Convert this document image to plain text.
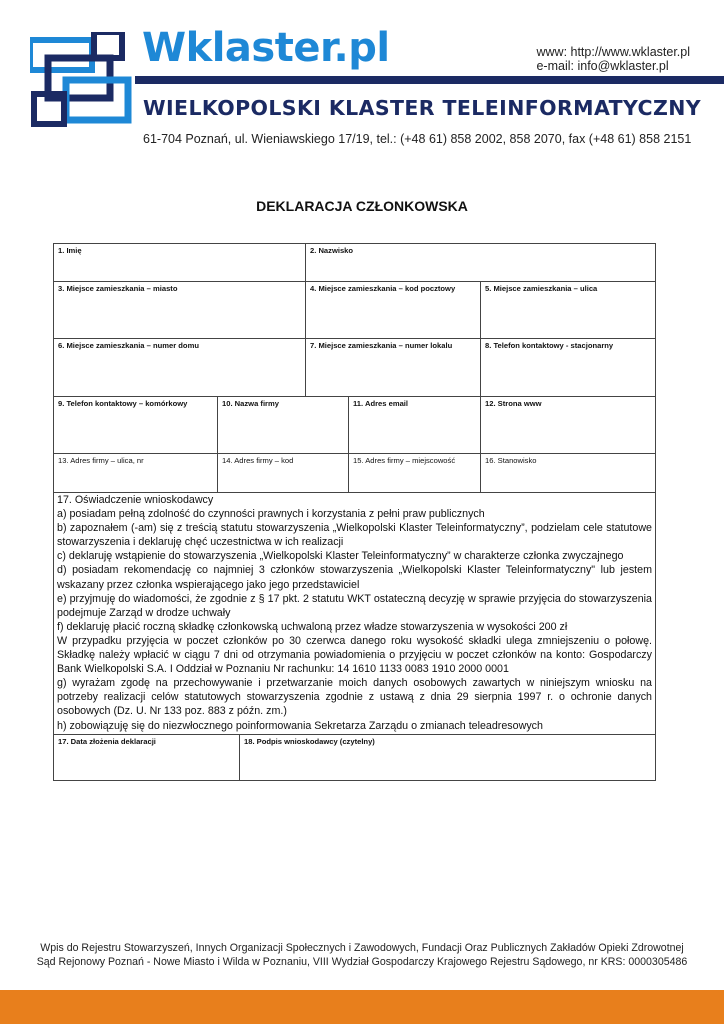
Wklaster.pl	www: http://www.wklaster.pl
e-mail: info@wklaster.pl
WIELKOPOLSKI KLASTER TELEINFORMATYCZNY
61-704 Poznań, ul. Wieniawskiego 17/19, tel.: (+48 61) 858 2002, 858 2070, fax (+48 61) 858 2151
DEKLARACJA CZŁONKOWSKA
1. Imię	2. Nazwisko
3. Miejsce zamieszkania – miasto	4. Miejsce zamieszkania – kod pocztowy	5. Miejsce zamieszkania – ulica
6. Miejsce zamieszkania – numer domu	7. Miejsce zamieszkania – numer lokalu	8. Telefon kontaktowy - stacjonarny
9. Telefon kontaktowy – komórkowy	10. Nazwa firmy	11. Adres email	12. Strona www
13. Adres firmy – ulica, nr	14. Adres firmy – kod	15. Adres firmy – miejscowość	16. Stanowisko

17. Oświadczenie wnioskodawcy

a) posiadam pełną zdolność do czynności prawnych i korzystania z pełni praw publicznych

b) zapoznałem (-am) się z treścią statutu stowarzyszenia „Wielkopolski Klaster Teleinformatyczny”, podzielam cele statutowe stowarzyszenia i deklaruję chęć uczestnictwa w ich realizacji

c) deklaruję wstąpienie do stowarzyszenia „Wielkopolski Klaster Teleinformatyczny” w charakterze członka zwyczajnego

d) posiadam rekomendację co najmniej 3 członków stowarzyszenia „Wielkopolski Klaster Teleinformatyczny" lub jestem wskazany przez członka wspierającego jako jego przedstawiciel

e) przyjmuję do wiadomości, że zgodnie z § 17 pkt. 2 statutu WKT ostateczną decyzję w sprawie przyjęcia do stowarzyszenia podejmuje Zarząd w drodze uchwały

f) deklaruję płacić roczną składkę członkowską uchwaloną przez władze stowarzyszenia w wysokości 200 zł

W przypadku przyjęcia w poczet członków po 30 czerwca danego roku wysokość składki ulega zmniejszeniu o połowę. Składkę należy wpłacić w ciągu 7 dni od otrzymania powiadomienia o przyjęciu w poczet członków na konto: Gospodarczy Bank Wielkopolski S.A. I Oddział w Poznaniu Nr rachunku: 14 1610 1133 0083 1910 2000 0001

g) wyrażam zgodę na przechowywanie i przetwarzanie moich danych osobowych zawartych w niniejszym wniosku na potrzeby realizacji celów statutowych stowarzyszenia zgodnie z ustawą z dnia 29 sierpnia 1997 r. o ochronie danych osobowych (Dz. U. Nr 133 poz. 883 z późn. zm.)

h) zobowiązuję się do niezwłocznego poinformowania Sekretarza Zarządu o zmianach teleadresowych

17. Data złożenia deklaracji	18. Podpis wnioskodawcy (czytelny)
Wpis do Rejestru Stowarzyszeń, Innych Organizacji Społecznych i Zawodowych, Fundacji Oraz Publicznych Zakładów Opieki Zdrowotnej
Sąd Rejonowy Poznań - Nowe Miasto i Wilda w Poznaniu, VIII Wydział Gospodarczy Krajowego Rejestru Sądowego, nr KRS: 0000305486
